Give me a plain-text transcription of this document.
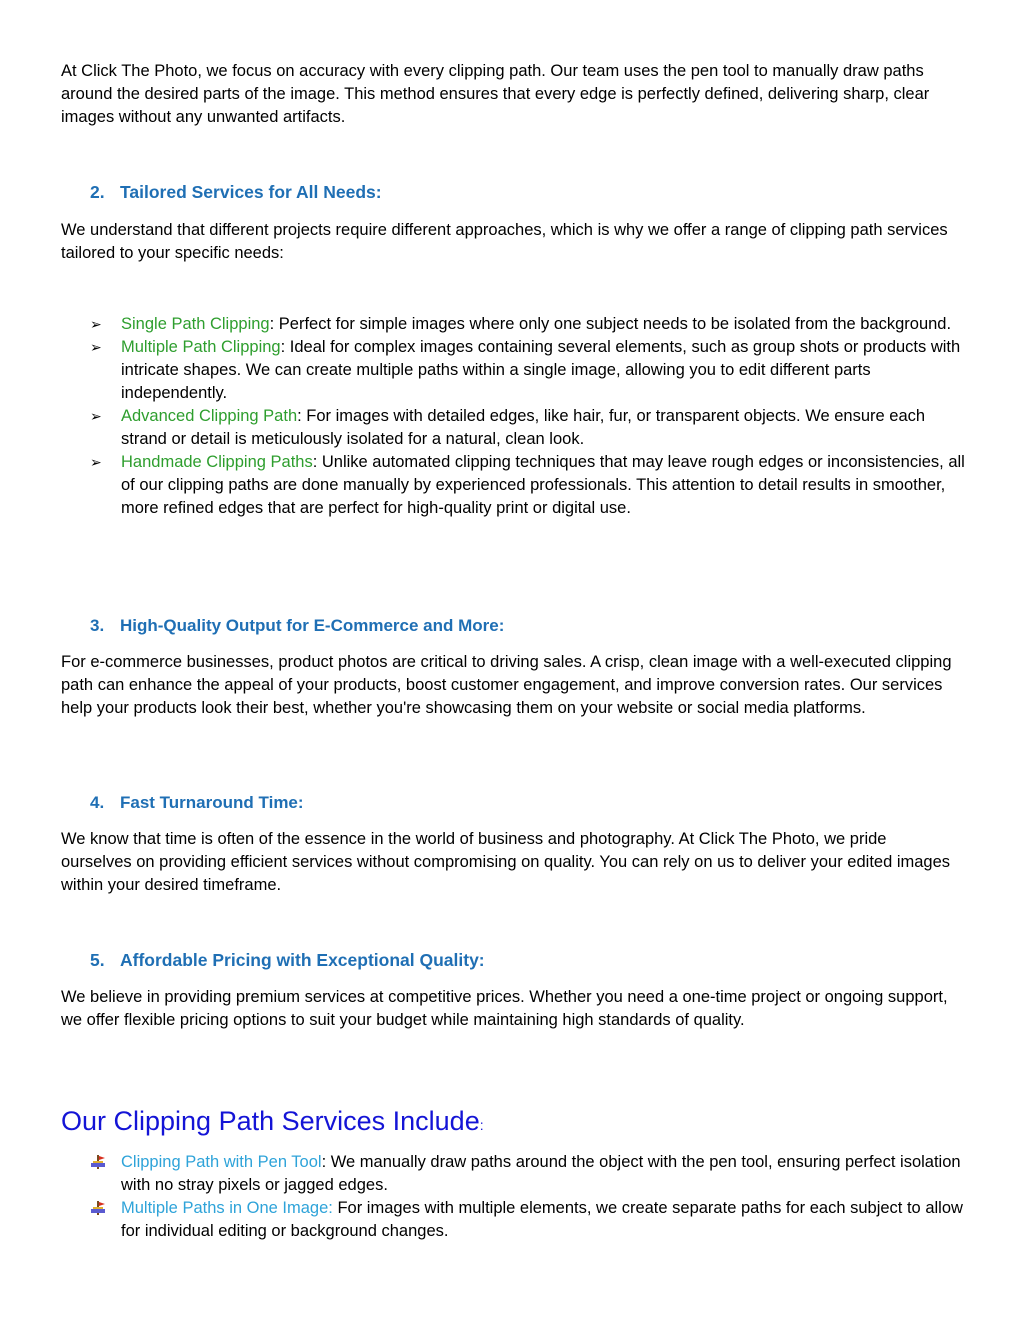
At Click The Photo, we focus on accuracy with every clipping path. Our team uses the pen tool to manually draw paths around the desired parts of the image. This method ensures that every edge is perfectly defined, delivering sharp, clear images without any unwanted artifacts.

2. Tailored Services for All Needs:

We understand that different projects require different approaches, which is why we offer a range of clipping path services tailored to your specific needs:

➢	Single Path Clipping: Perfect for simple images where only one subject needs to be isolated from the background.
➢	Multiple Path Clipping: Ideal for complex images containing several elements, such as group shots or products with intricate shapes. We can create multiple paths within a single image, allowing you to edit different parts independently.
➢	Advanced Clipping Path: For images with detailed edges, like hair, fur, or transparent objects. We ensure each strand or detail is meticulously isolated for a natural, clean look.
➢	Handmade Clipping Paths: Unlike automated clipping techniques that may leave rough edges or inconsistencies, all of our clipping paths are done manually by experienced professionals. This attention to detail results in smoother, more refined edges that are perfect for high-quality print or digital use.
3. High-Quality Output for E-Commerce and More:

For e-commerce businesses, product photos are critical to driving sales. A crisp, clean image with a well-executed clipping path can enhance the appeal of your products, boost customer engagement, and improve conversion rates. Our services help your products look their best, whether you're showcasing them on your website or social media platforms.

4. Fast Turnaround Time:

We know that time is often of the essence in the world of business and photography. At Click The Photo, we pride ourselves on providing efficient services without compromising on quality. You can rely on us to deliver your edited images within your desired timeframe.

5. Affordable Pricing with Exceptional Quality:

We believe in providing premium services at competitive prices. Whether you need a one-time project or ongoing support, we offer flexible pricing options to suit your budget while maintaining high standards of quality.

Our Clipping Path Services Include:
Clipping Path with Pen Tool: We manually draw paths around the object with the pen tool, ensuring perfect isolation with no stray pixels or jagged edges.
Multiple Paths in One Image: For images with multiple elements, we create separate paths for each subject to allow for individual editing or background changes.
